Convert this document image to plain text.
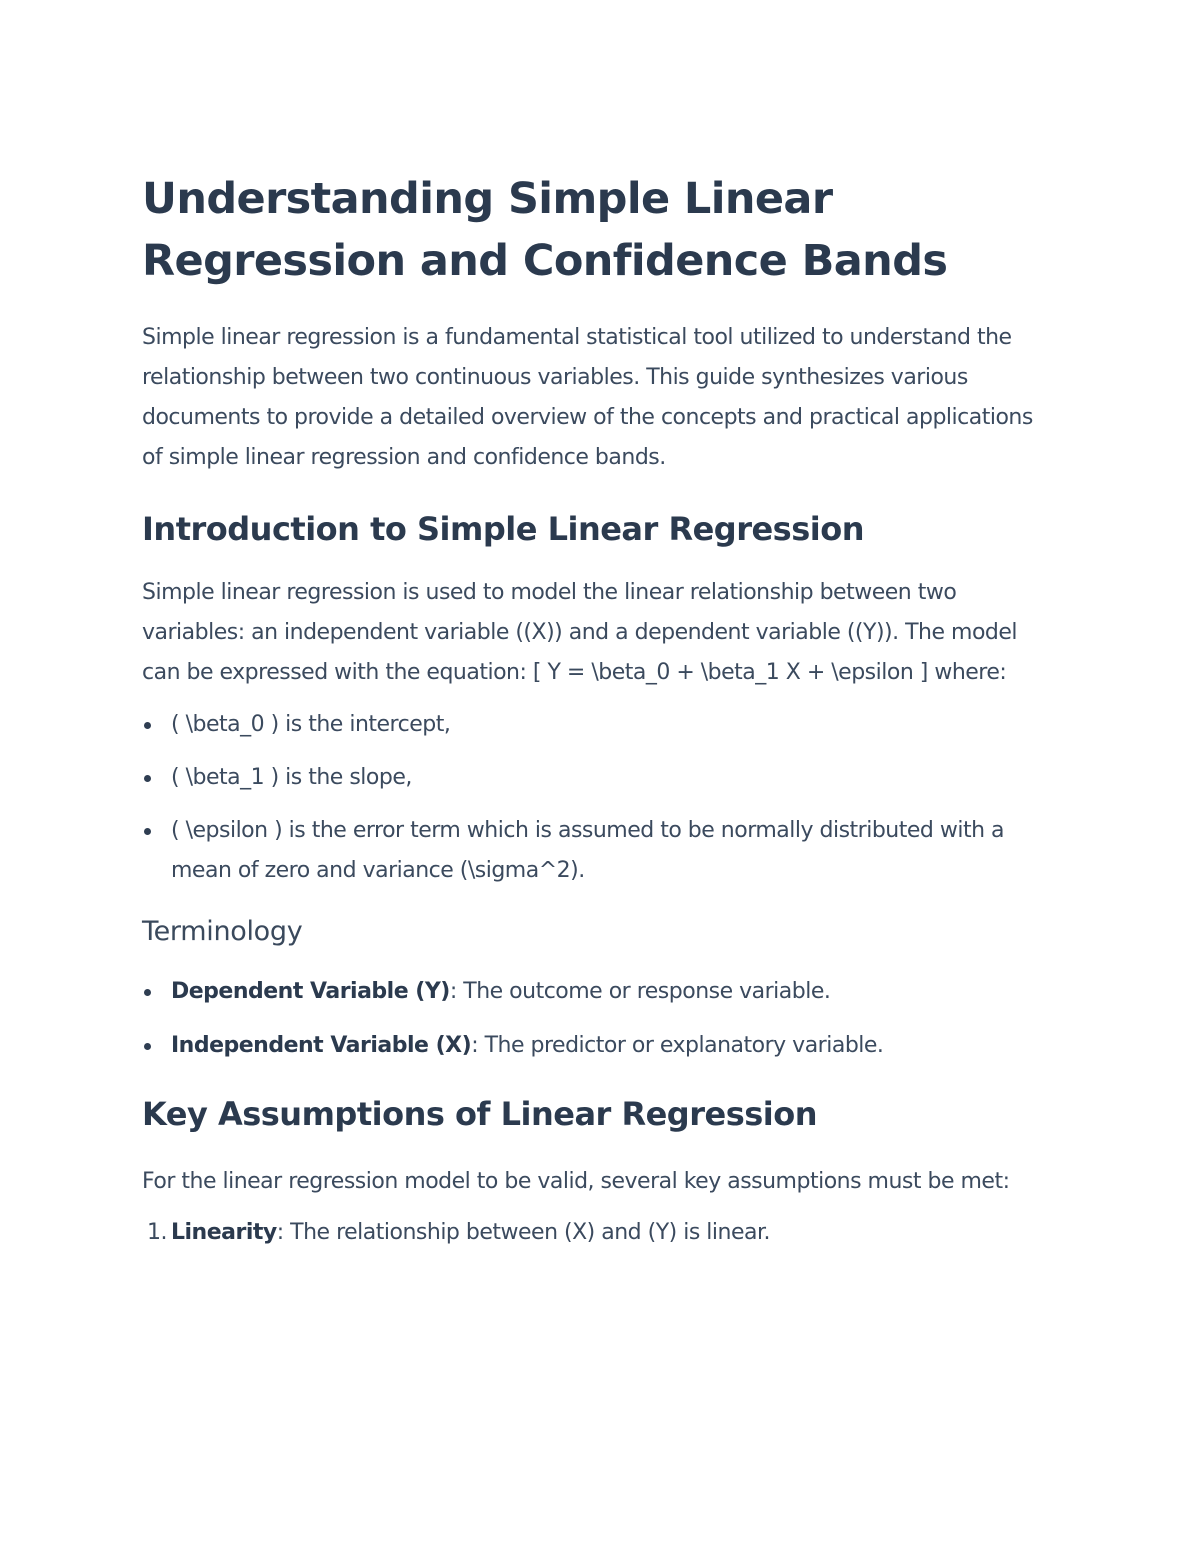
Understanding Simple Linear Regression and Confidence Bands

Simple linear regression is a fundamental statistical tool utilized to understand the relationship between two continuous variables. This guide synthesizes various documents to provide a detailed overview of the concepts and practical applications of simple linear regression and confidence bands.

Introduction to Simple Linear Regression

Simple linear regression is used to model the linear relationship between two variables: an independent variable ((X)) and a dependent variable ((Y)). The model can be expressed with the equation: [ Y = \beta_0 + \beta_1 X + \epsilon ] where:

( \beta_0 ) is the intercept,
( \beta_1 ) is the slope,
( \epsilon ) is the error term which is assumed to be normally distributed with a mean of zero and variance (\sigma^2).
Terminology
Dependent Variable (Y): The outcome or response variable.
Independent Variable (X): The predictor or explanatory variable.
Key Assumptions of Linear Regression

For the linear regression model to be valid, several key assumptions must be met:

1. Linearity: The relationship between (X) and (Y) is linear.
